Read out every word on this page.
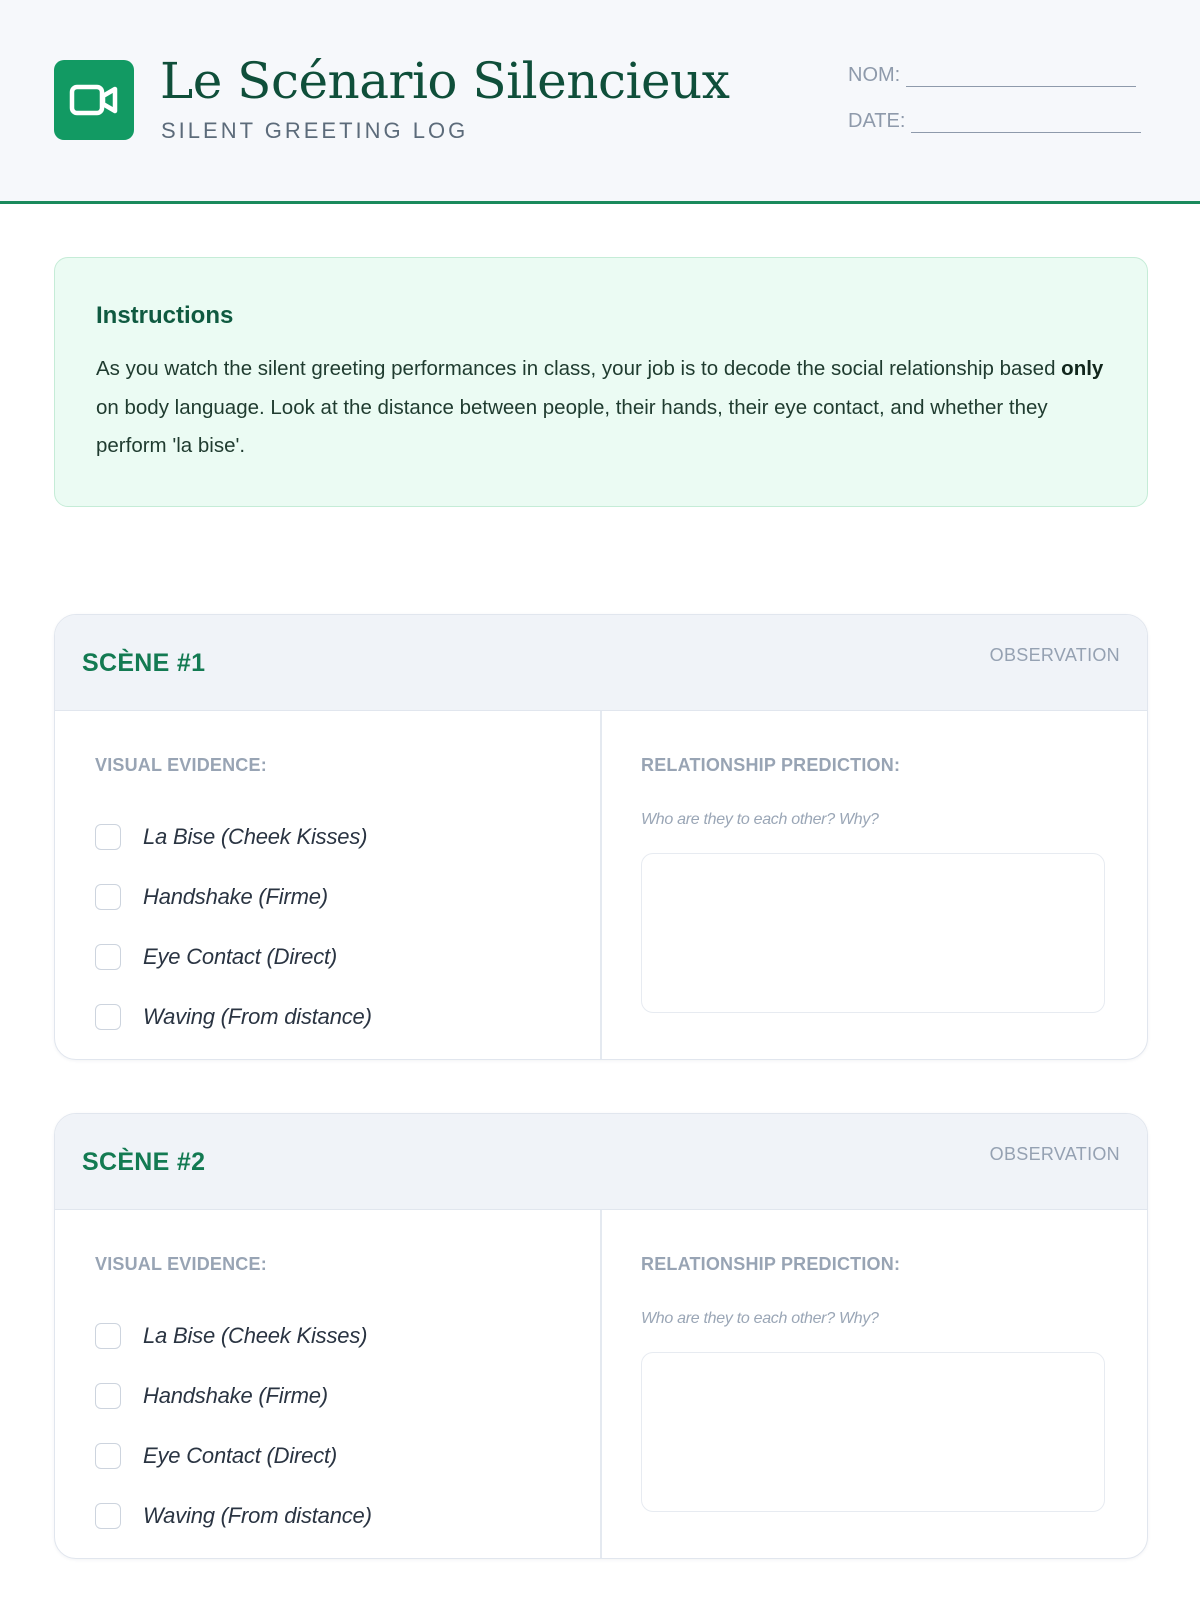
Le Scénario Silencieux
SILENT GREETING LOG
NOM:
DATE:
Instructions

As you watch the silent greeting performances in class, your job is to decode the social relationship based only on body language. Look at the distance between people, their hands, their eye contact, and whether they perform 'la bise'.

SCÈNE #1	OBSERVATION
VISUAL EVIDENCE:
La Bise (Cheek Kisses)
Handshake (Firme)
Eye Contact (Direct)
Waving (From distance)
RELATIONSHIP PREDICTION:
Who are they to each other? Why?
SCÈNE #2	OBSERVATION
VISUAL EVIDENCE:
La Bise (Cheek Kisses)
Handshake (Firme)
Eye Contact (Direct)
Waving (From distance)
RELATIONSHIP PREDICTION:
Who are they to each other? Why?
